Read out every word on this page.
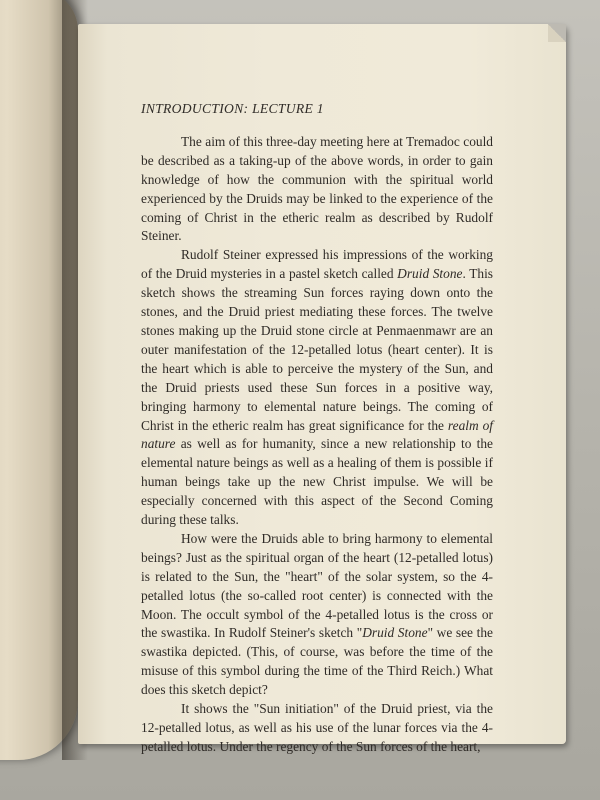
INTRODUCTION: LECTURE 1

The aim of this three-day meeting here at Tremadoc could be described as a taking-up of the above words, in order to gain knowledge of how the communion with the spiritual world experienced by the Druids may be linked to the experience of the coming of Christ in the etheric realm as described by Rudolf Steiner.

Rudolf Steiner expressed his impressions of the working of the Druid mysteries in a pastel sketch called Druid Stone. This sketch shows the streaming Sun forces raying down onto the stones, and the Druid priest mediating these forces. The twelve stones making up the Druid stone circle at Penmaenmawr are an outer manifestation of the 12-petalled lotus (heart center). It is the heart which is able to perceive the mystery of the Sun, and the Druid priests used these Sun forces in a positive way, bringing harmony to elemental nature beings. The coming of Christ in the etheric realm has great significance for the realm of nature as well as for humanity, since a new relationship to the elemental nature beings as well as a healing of them is possible if human beings take up the new Christ impulse. We will be especially concerned with this aspect of the Second Coming during these talks.

How were the Druids able to bring harmony to elemental beings? Just as the spiritual organ of the heart (12-petalled lotus) is related to the Sun, the "heart" of the solar system, so the 4-petalled lotus (the so-called root center) is connected with the Moon. The occult symbol of the 4-petalled lotus is the cross or the swastika. In Rudolf Steiner's sketch "Druid Stone" we see the swastika depicted. (This, of course, was before the time of the misuse of this symbol during the time of the Third Reich.) What does this sketch depict?

It shows the "Sun initiation" of the Druid priest, via the 12-petalled lotus, as well as his use of the lunar forces via the 4-petalled lotus. Under the regency of the Sun forces of the heart,
